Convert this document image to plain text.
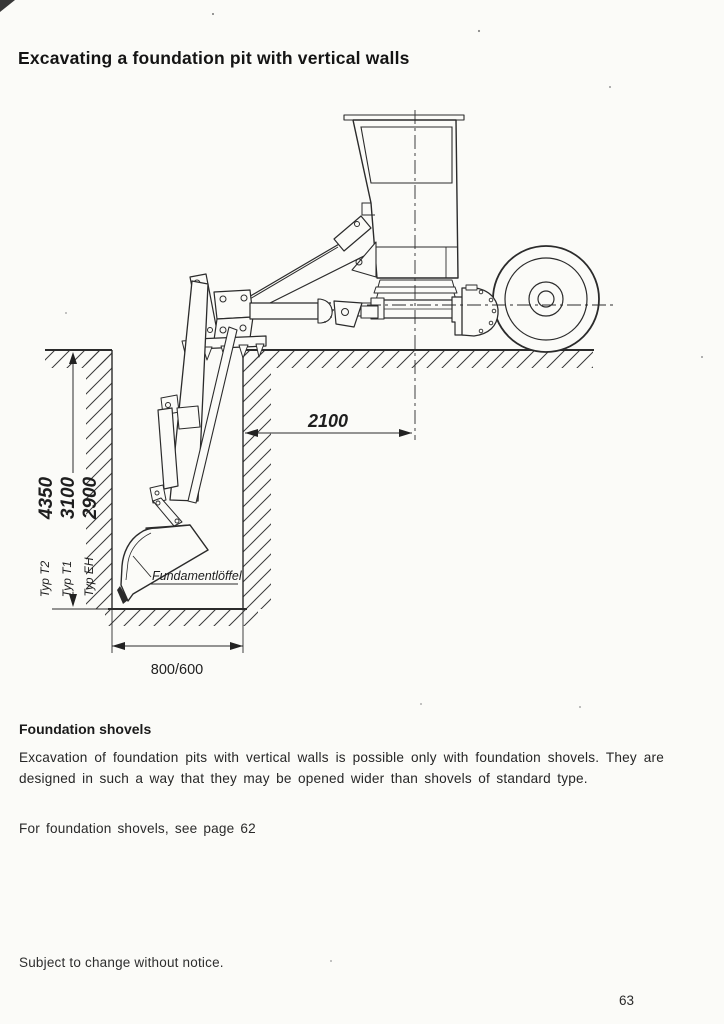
Excavating a foundation pit with vertical walls
2100
4350 3100 2900
Typ T2 Typ T1 Typ EH
800/600
Fundamentlöffel
Foundation shovels
Excavation of foundation pits with vertical walls is possible only with foundation shovels. They are designed in such a way that they may be opened wider than shovels of standard type.
For foundation shovels, see page 62
Subject to change without notice.
63
